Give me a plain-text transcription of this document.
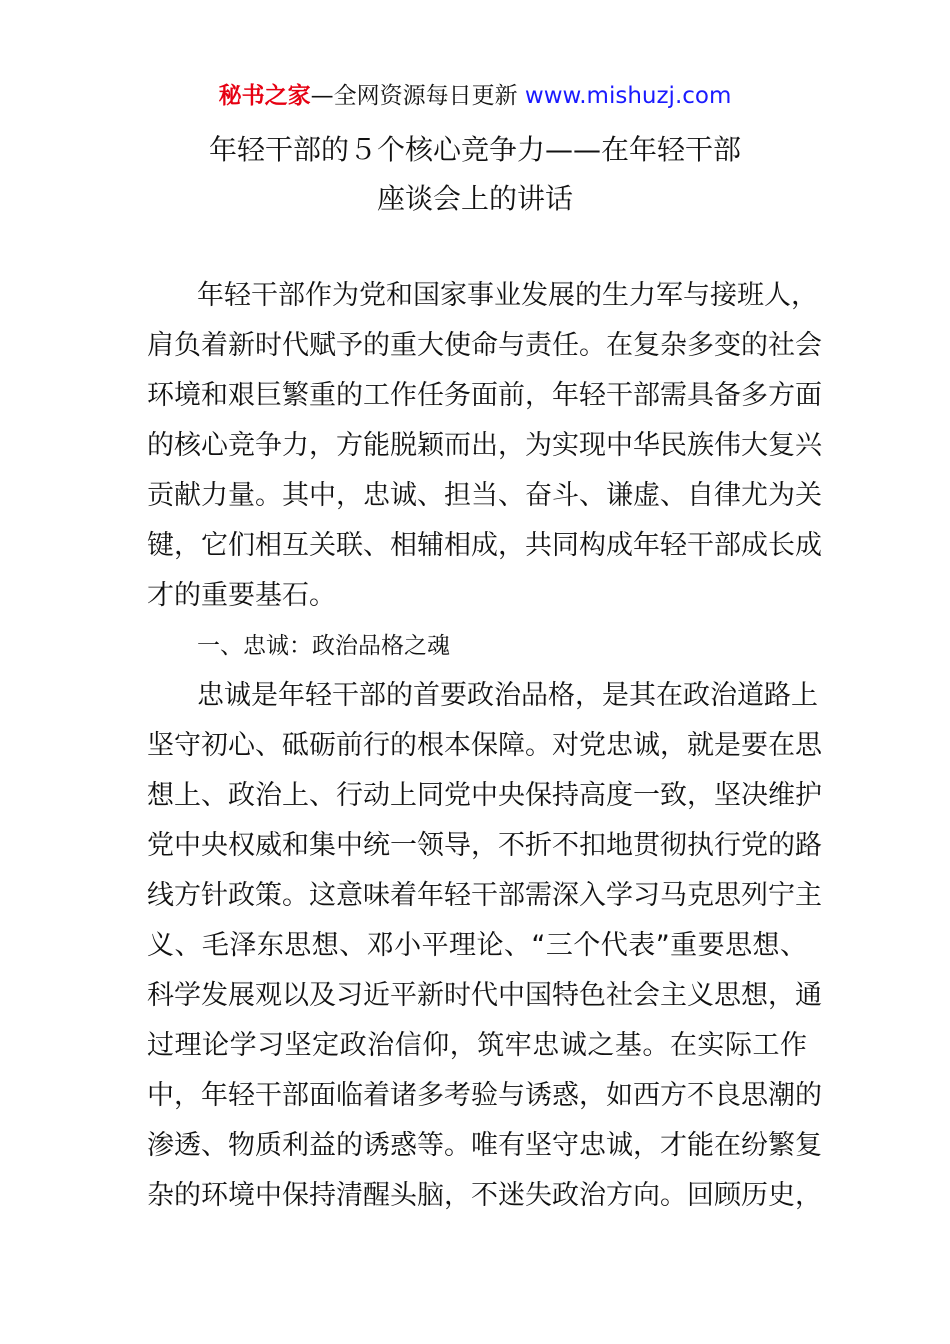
秘书之家—全网资源每日更新 www.mishuzj.com
年轻干部的５个核心竞争力——在年轻干部
座谈会上的讲话
年轻干部作为党和国家事业发展的生力军与接班人，
肩负着新时代赋予的重大使命与责任。在复杂多变的社会
环境和艰巨繁重的工作任务面前，年轻干部需具备多方面
的核心竞争力，方能脱颖而出，为实现中华民族伟大复兴
贡献力量。其中，忠诚、担当、奋斗、谦虚、自律尤为关
键，它们相互关联、相辅相成，共同构成年轻干部成长成
才的重要基石。
一、忠诚：政治品格之魂
忠诚是年轻干部的首要政治品格，是其在政治道路上
坚守初心、砥砺前行的根本保障。对党忠诚，就是要在思
想上、政治上、行动上同党中央保持高度一致，坚决维护
党中央权威和集中统一领导，不折不扣地贯彻执行党的路
线方针政策。这意味着年轻干部需深入学习马克思列宁主
义、毛泽东思想、邓小平理论、“三个代表”重要思想、
科学发展观以及习近平新时代中国特色社会主义思想，通
过理论学习坚定政治信仰，筑牢忠诚之基。在实际工作
中，年轻干部面临着诸多考验与诱惑，如西方不良思潮的
渗透、物质利益的诱惑等。唯有坚守忠诚，才能在纷繁复
杂的环境中保持清醒头脑，不迷失政治方向。回顾历史，
